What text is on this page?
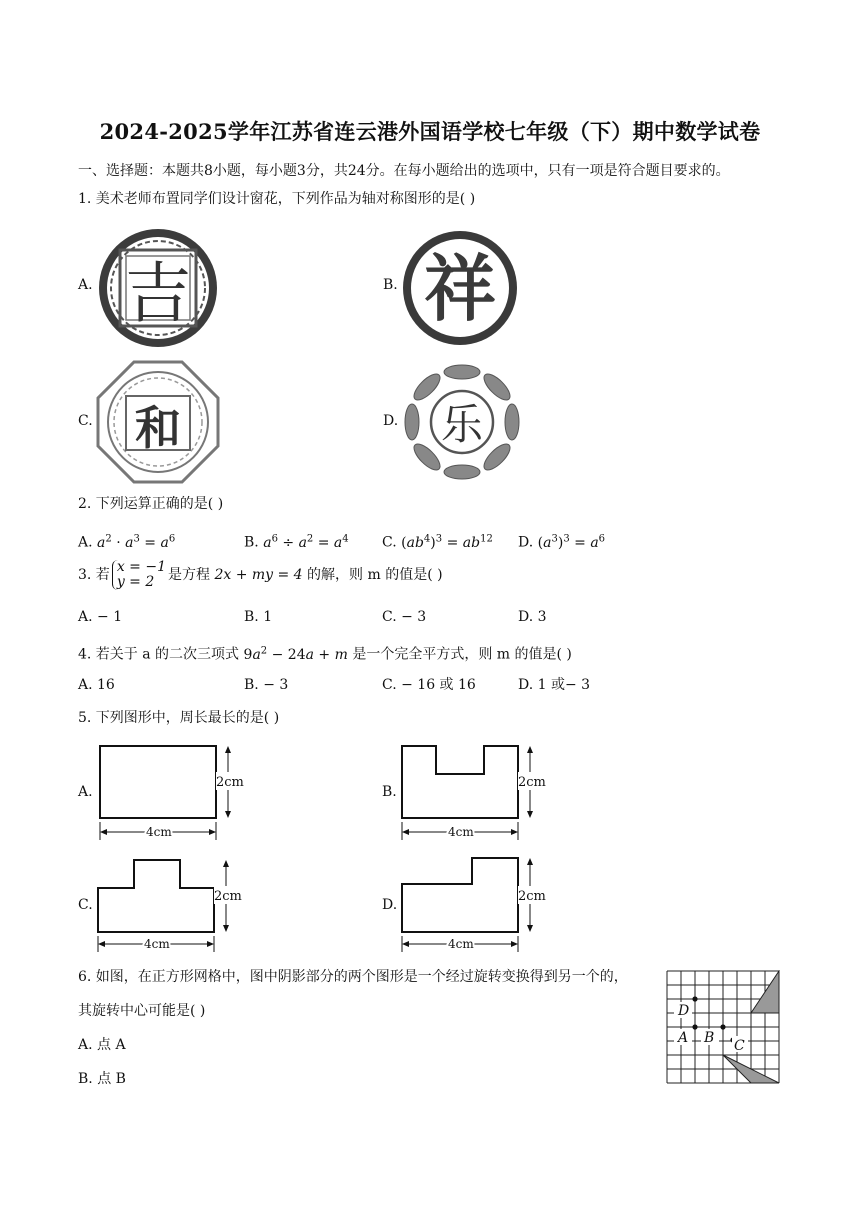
2024-2025学年江苏省连云港外国语学校七年级（下）期中数学试卷
一、选择题：本题共8小题，每小题3分，共24分。在每小题给出的选项中，只有一项是符合题目要求的。
1. 美术老师布置同学们设计窗花，下列作品为轴对称图形的是( )
A. 吉	B. 祥
C. 和	D. 乐
2. 下列运算正确的是( )
A. $a^2 \cdot a^3 = a^6$	B. $a^6 \div a^2 = a^4$ C. $(ab^4)^3 = ab^{12}$ D. $(a^3)^3 = a^6$
3. 若 x = −1
y = 2 是方程 2x + my = 4 的解，则 m 的值是( )
A. − 1	B. 1	C. − 3	D. 3
4. 若关于 a 的二次三项式 $9a^2 - 24a + m$ 是一个完全平方式，则 m 的值是( )
A. 16	B. − 3	C. − 16 或 16	D. 1 或− 3
5. 下列图形中，周长最长的是( )
A.
2cm
4cm
B.
2cm
4cm
C.
2cm
4cm
D.
2cm
4cm
6. 如图，在正方形网格中，图中阴影部分的两个图形是一个经过旋转变换得到另一个的，
其旋转中心可能是( )
A. 点 A
B. 点 B
D
A B C
